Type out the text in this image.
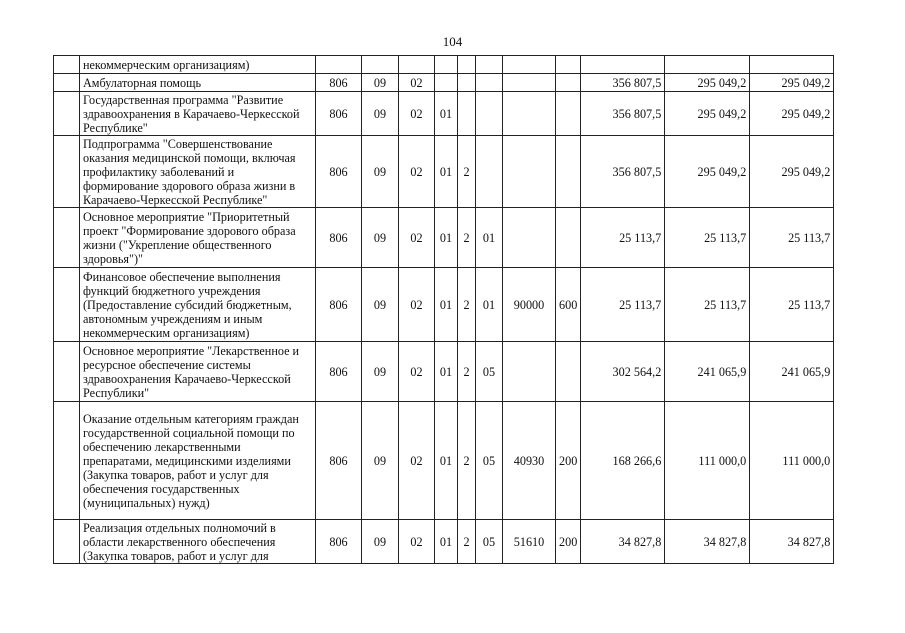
104
	некоммерческим организациям)											
	Амбулаторная помощь	806	09	02						356 807,5	295 049,2	295 049,2
	Государственная программа "Развитие здравоохранения в Карачаево-Черкесской Республике"	806	09	02	01					356 807,5	295 049,2	295 049,2
	Подпрограмма "Совершенствование оказания медицинской помощи, включая профилактику заболеваний и формирование здорового образа жизни в Карачаево-Черкесской Республике"	806	09	02	01	2				356 807,5	295 049,2	295 049,2
	Основное мероприятие "Приоритетный проект "Формирование здорового образа жизни ("Укрепление общественного здоровья")"	806	09	02	01	2	01			25 113,7	25 113,7	25 113,7
	Финансовое обеспечение выполнения функций бюджетного учреждения (Предоставление субсидий бюджетным, автономным учреждениям и иным некоммерческим организациям)	806	09	02	01	2	01	90000	600	25 113,7	25 113,7	25 113,7
	Основное мероприятие "Лекарственное и ресурсное обеспечение системы здравоохранения Карачаево-Черкесской Республики"	806	09	02	01	2	05			302 564,2	241 065,9	241 065,9
	Оказание отдельным категориям граждан государственной социальной помощи по обеспечению лекарственными препаратами, медицинскими изделиями (Закупка товаров, работ и услуг для обеспечения государственных (муниципальных) нужд)	806	09	02	01	2	05	40930	200	168 266,6	111 000,0	111 000,0
	Реализация отдельных полномочий в области лекарственного обеспечения (Закупка товаров, работ и услуг для	806	09	02	01	2	05	51610	200	34 827,8	34 827,8	34 827,8
